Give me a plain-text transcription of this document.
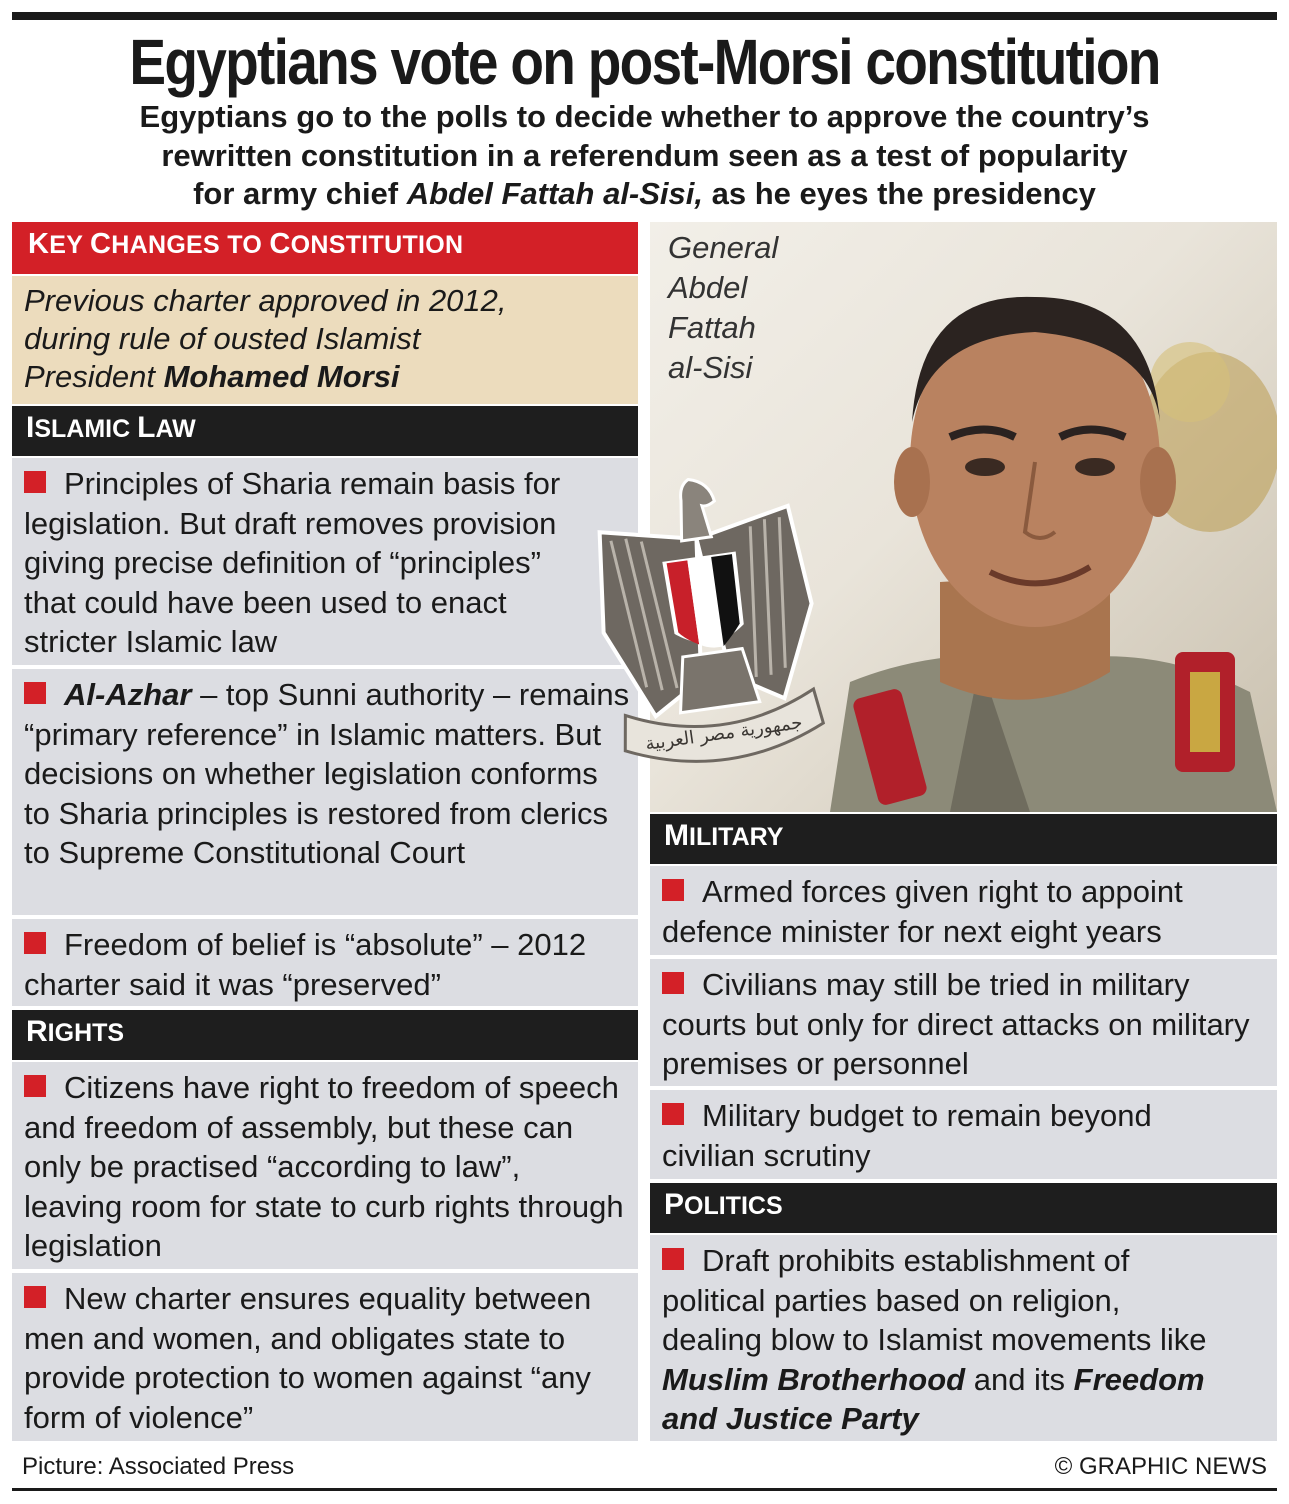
Egyptians vote on post-Morsi constitution
Egyptians go to the polls to decide whether to approve the country’s
rewritten constitution in a referendum seen as a test of popularity
for army chief Abdel Fattah al-Sisi, as he eyes the presidency
KEY CHANGES TO CONSTITUTION
Previous charter approved in 2012,
during rule of ousted Islamist
President Mohamed Morsi
ISLAMIC LAW
Principles of Sharia remain basis for legislation. But draft removes provision giving precise definition of “principles” that could have been used to enact stricter Islamic law
Al-Azhar – top Sunni authority – remains “primary reference” in Islamic matters. But decisions on whether legislation conforms to Sharia principles is restored from clerics to Supreme Constitutional Court
Freedom of belief is “absolute” – 2012 charter said it was “preserved”
RIGHTS
Citizens have right to freedom of speech and freedom of assembly, but these can only be practised “according to law”, leaving room for state to curb rights through legislation
New charter ensures equality between men and women, and obligates state to provide protection to women against “any form of violence”
General
Abdel
Fattah
al-Sisi
جمهورية مصر العربية
MILITARY
Armed forces given right to appoint defence minister for next eight years
Civilians may still be tried in military courts but only for direct attacks on military premises or personnel
Military budget to remain beyond civilian scrutiny
POLITICS
Draft prohibits establishment of political parties based on religion, dealing blow to Islamist movements like Muslim Brotherhood and its Freedom and Justice Party
Picture: Associated Press	© GRAPHIC NEWS
